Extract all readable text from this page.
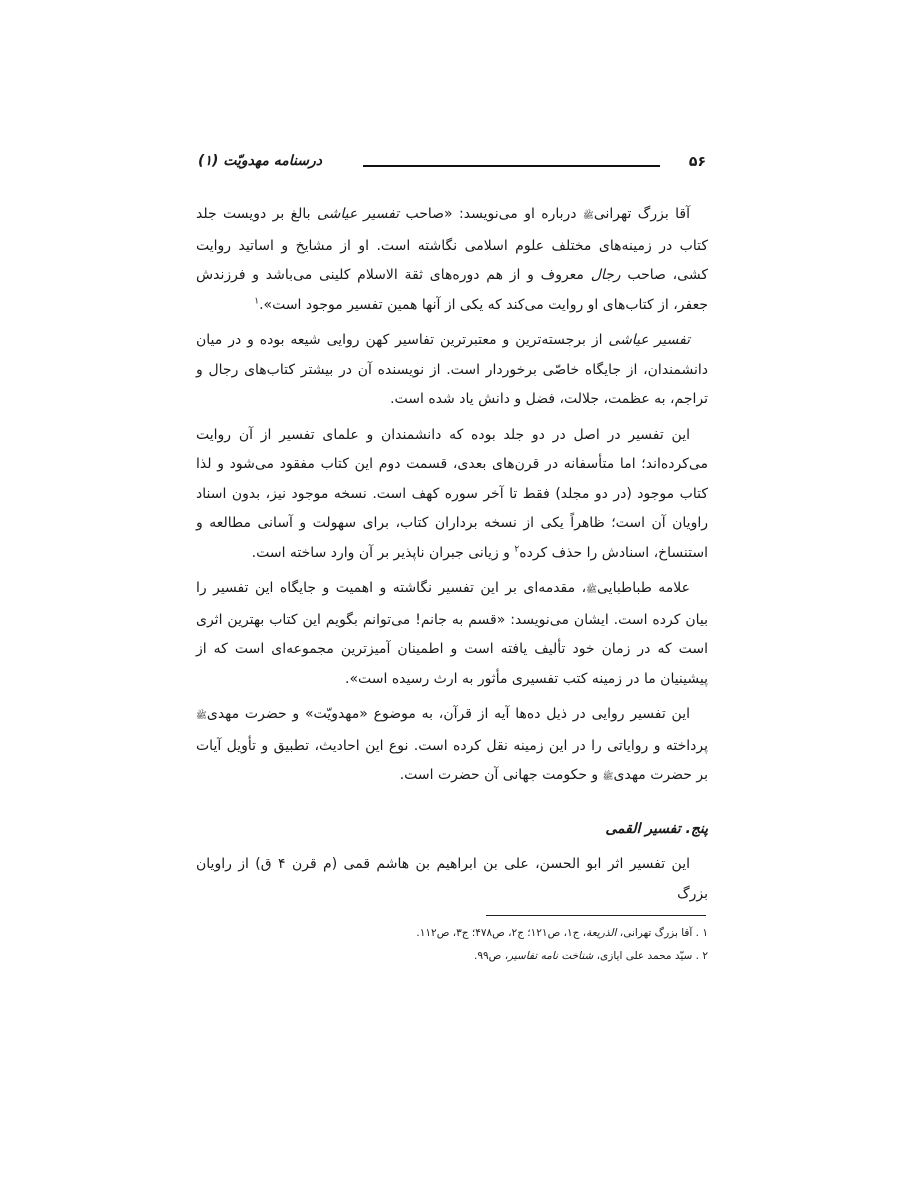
۵۶
درسنامه مهدویّت (۱)

آقا بزرگ تهرانیﷺ درباره او می‌نویسد: «صاحب تفسیر عیاشی بالغ بر دویست جلد کتاب در زمینه‌های مختلف علوم اسلامی نگاشته است. او از مشایخ و اساتید روایت کشی، صاحب رجال معروف و از هم دوره‌های ثقة الاسلام کلینی می‌باشد و فرزندش جعفر، از کتاب‌های او روایت می‌کند که یکی از آنها همین تفسیر موجود است».$^۱$

تفسیر عیاشی از برجسته‌ترین و معتبرترین تفاسیر کهن روایی شیعه بوده و در میان دانشمندان، از جایگاه خاصّی برخوردار است. از نویسنده آن در بیشتر کتاب‌های رجال و تراجم، به عظمت، جلالت، فضل و دانش یاد شده است.

این تفسیر در اصل در دو جلد بوده که دانشمندان و علمای تفسیر از آن روایت می‌کرده‌اند؛ اما متأسفانه در قرن‌های بعدی، قسمت دوم این کتاب مفقود می‌شود و لذا کتاب موجود (در دو مجلد) فقط تا آخر سوره کهف است. نسخه موجود نیز، بدون اسناد راویان آن است؛ ظاهراً یکی از نسخه برداران کتاب، برای سهولت و آسانی مطالعه و استنساخ، اسنادش را حذف کرده$^۲$ و زیانی جبران ناپذیر بر آن وارد ساخته است.

علامه طباطباییﷺ، مقدمه‌ای بر این تفسیر نگاشته و اهمیت و جایگاه این تفسیر را بیان کرده است. ایشان می‌نویسد: «قسم به جانم! می‌توانم بگویم این کتاب بهترین اثری است که در زمان خود تألیف یافته است و اطمینان آمیزترین مجموعه‌ای است که از پیشینیان ما در زمینه کتب تفسیری مأثور به ارث رسیده است».

این تفسیر روایی در ذیل ده‌ها آیه از قرآن، به موضوع «مهدویّت» و حضرت مهدیﷺ پرداخته و روایاتی را در این زمینه نقل کرده است. نوع این احادیث، تطبیق و تأویل آیات بر حضرت مهدیﷺ و حکومت جهانی آن حضرت است.

پنج. تفسیر القمی

این تفسیر اثر ابو الحسن، علی بن ابراهیم بن هاشم قمی (م قرن ۴ ق) از راویان بزرگ

۱ . آقا بزرگ تهرانی، الذریعة، ج۱، ص۱۲۱؛ ج۲، ص۴۷۸؛ ج۳، ص۱۱۲.
۲ . سیّد محمد علی ایازی، شناخت نامه تفاسیر، ص۹۹.
